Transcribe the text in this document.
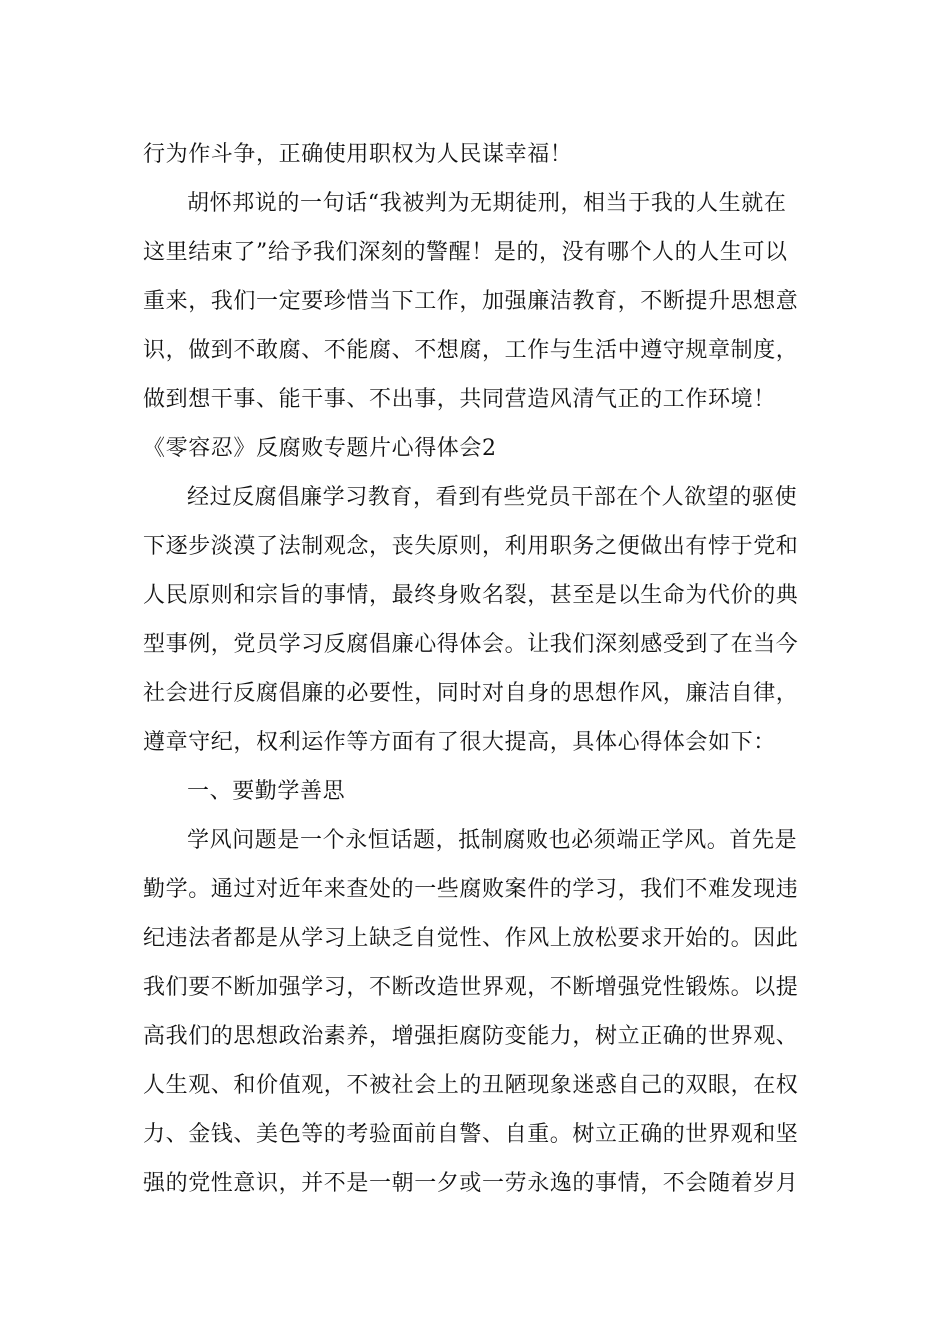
行为作斗争，正确使用职权为人民谋幸福！
胡怀邦说的一句话“我被判为无期徒刑，相当于我的人生就在
这里结束了”给予我们深刻的警醒！是的，没有哪个人的人生可以
重来，我们一定要珍惜当下工作，加强廉洁教育，不断提升思想意
识，做到不敢腐、不能腐、不想腐，工作与生活中遵守规章制度，
做到想干事、能干事、不出事，共同营造风清气正的工作环境！
《零容忍》反腐败专题片心得体会2
经过反腐倡廉学习教育，看到有些党员干部在个人欲望的驱使
下逐步淡漠了法制观念，丧失原则，利用职务之便做出有悖于党和
人民原则和宗旨的事情，最终身败名裂，甚至是以生命为代价的典
型事例，党员学习反腐倡廉心得体会。让我们深刻感受到了在当今
社会进行反腐倡廉的必要性，同时对自身的思想作风，廉洁自律，
遵章守纪，权利运作等方面有了很大提高，具体心得体会如下：
一、要勤学善思
学风问题是一个永恒话题，抵制腐败也必须端正学风。首先是
勤学。通过对近年来查处的一些腐败案件的学习，我们不难发现违
纪违法者都是从学习上缺乏自觉性、作风上放松要求开始的。因此
我们要不断加强学习，不断改造世界观，不断增强党性锻炼。以提
高我们的思想政治素养，增强拒腐防变能力，树立正确的世界观、
人生观、和价值观，不被社会上的丑陋现象迷惑自己的双眼，在权
力、金钱、美色等的考验面前自警、自重。树立正确的世界观和坚
强的党性意识，并不是一朝一夕或一劳永逸的事情，不会随着岁月
